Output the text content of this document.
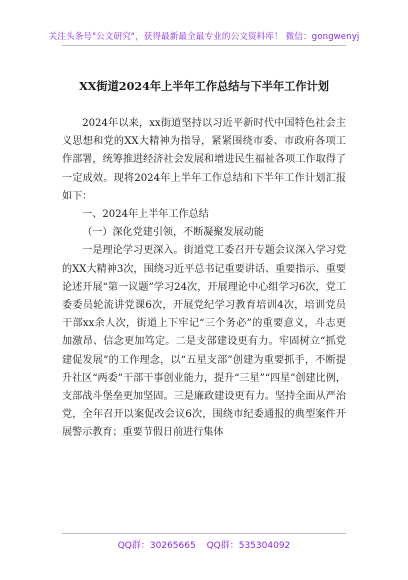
关注头条号"公文研究"，获得最新最全最专业的公文资料库！ 微信：gongwenyj
XX街道2024年上半年工作总结与下半年工作计划

2024年以来，xx街道坚持以习近平新时代中国特色社会主义思想和党的XX大精神为指导，紧紧围绕市委、市政府各项工作部署，统筹推进经济社会发展和增进民生福祉各项工作取得了一定成效。现将2024年上半年工作总结和下半年工作计划汇报如下：

一、2024年上半年工作总结

（一）深化党建引领，不断凝聚发展动能

一是理论学习更深入。街道党工委召开专题会议深入学习党的XX大精神3次，围绕习近平总书记重要讲话、重要指示、重要论述开展“第一议题”学习24次，开展理论中心组学习6次，党工委委员轮流讲党课6次，开展党纪学习教育培训4次，培训党员干部xx余人次，街道上下牢记“三个务必”的重要意义，斗志更加激昂、信念更加笃定。二是支部建设更有力。牢固树立“抓党建促发展”的工作理念，以“五星支部”创建为重要抓手，不断提升社区“两委”干部干事创业能力，提升“三星”“四星”创建比例，支部战斗堡垒更加坚固。三是廉政建设更有力。坚持全面从严治党，全年召开以案促改会议6次，围绕市纪委通报的典型案件开展警示教育；重要节假日前进行集体

QQ群：30265665 QQ群：535304092
